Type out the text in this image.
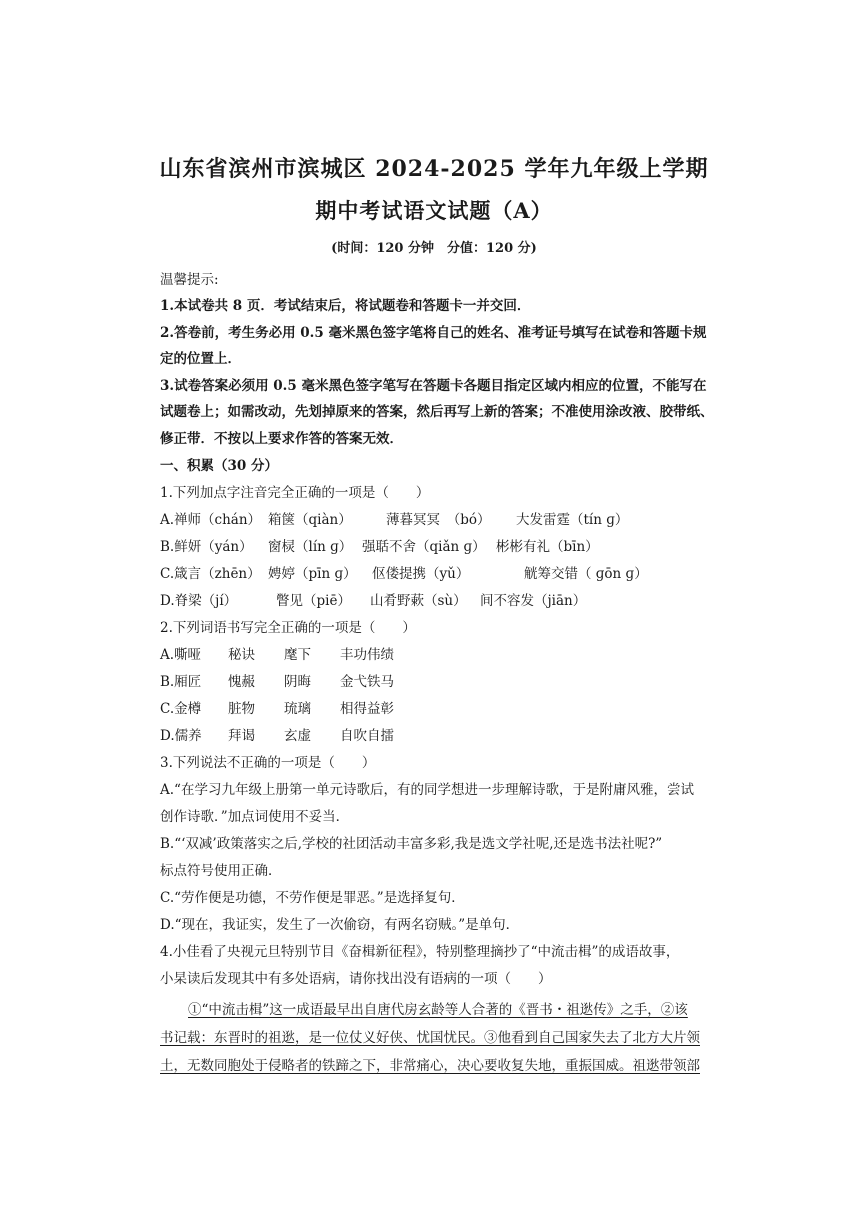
山东省滨州市滨城区 2024-2025 学年九年级上学期
期中考试语文试题（A）
(时间：120 分钟　分值：120 分)
温馨提示:
1.本试卷共 8 页．考试结束后，将试题卷和答题卡一并交回．
2.答卷前，考生务必用 0.5 毫米黑色签字笔将自己的姓名、准考证号填写在试卷和答题卡规
定的位置上．
3.试卷答案必须用 0.5 毫米黑色签字笔写在答题卡各题目指定区域内相应的位置，不能写在
试题卷上；如需改动，先划掉原来的答案，然后再写上新的答案；不准使用涂改液、胶带纸、
修正带．不按以上要求作答的答案无效．
一、积累（30 分）
1.下列加点字注音完全正确的一项是（　　）
A.禅师（chán） 箱箧（qiàn）	薄暮冥冥　（bó） 大发雷霆（tín ɡ）
B.鲜妍（yán） 窗棂（lín ɡ） 强聒不舍（qiǎn ɡ） 彬彬有礼（bīn）
C.箴言（zhēn） 娉婷（pīn ɡ） 伛偻提携（yǔ）	觥筹交错（ ɡōn ɡ）
D.脊梁（jí）	瞥见（piē） 山肴野蔌（sù） 间不容发（jiān）
2.下列词语书写完全正确的一项是（　　）
A.嘶哑 秘诀 麾下 丰功伟绩
B.厢匠 愧赧 阴晦 金弋铁马
C.金樽 脏物 琉璃 相得益彰
D.儒养 拜谒 玄虚 自吹自擂
3.下列说法不正确的一项是（　　）
A.“在学习九年级上册第一单元诗歌后，有的同学想进一步理解诗歌，于是附庸风雅，尝试
创作诗歌．”加点词使用不妥当．
B.“‘双减’政策落实之后,学校的社团活动丰富多彩,我是选文学社呢,还是选书法社呢?”
标点符号使用正确．
C.“劳作便是功德，不劳作便是罪恶。”是选择复句．
D.“现在，我证实，发生了一次偷窃，有两名窃贼。”是单句．
4.小佳看了央视元旦特别节目《奋楫新征程》，特别整理摘抄了“中流击楫”的成语故事，
小杲读后发现其中有多处语病，请你找出没有语病的一项（　　）
①“中流击楫”这一成语最早出自唐代房玄龄等人合著的《晋书・祖逖传》之手，②该
书记载：东晋时的祖逖，是一位仗义好侠、忧国忧民。③他看到自己国家失去了北方大片领
土，无数同胞处于侵略者的铁蹄之下，非常痛心，决心要收复失地，重振国威。祖逖带领部
